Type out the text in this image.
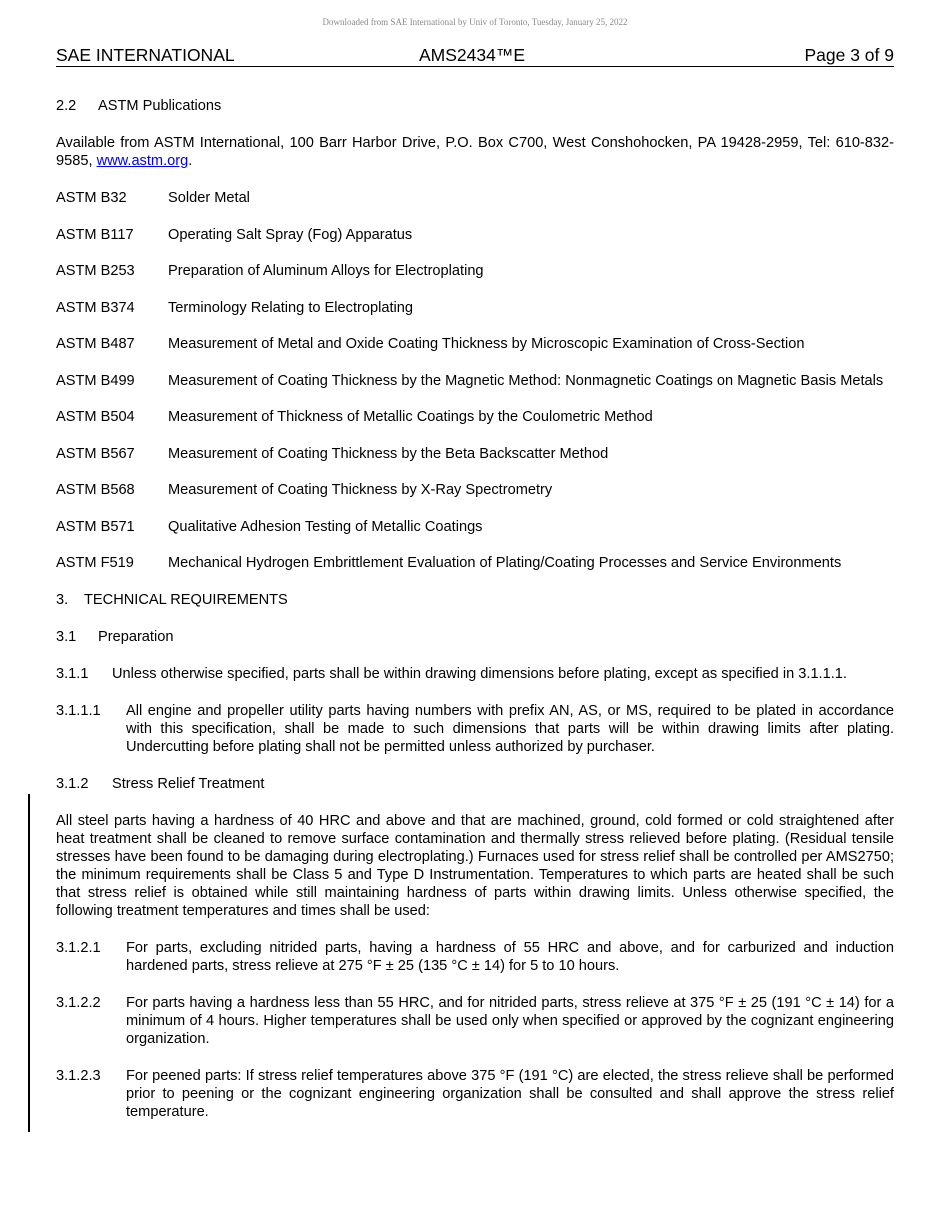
Downloaded from SAE International by Univ of Toronto, Tuesday, January 25, 2022
SAE INTERNATIONAL	AMS2434™E	Page 3 of 9
2.2	ASTM Publications

Available from ASTM International, 100 Barr Harbor Drive, P.O. Box C700, West Conshohocken, PA 19428-2959, Tel: 610-832-9585, www.astm.org.

ASTM B32	Solder Metal
ASTM B117	Operating Salt Spray (Fog) Apparatus
ASTM B253	Preparation of Aluminum Alloys for Electroplating
ASTM B374	Terminology Relating to Electroplating
ASTM B487	Measurement of Metal and Oxide Coating Thickness by Microscopic Examination of Cross-Section
ASTM B499	Measurement of Coating Thickness by the Magnetic Method: Nonmagnetic Coatings on Magnetic Basis Metals
ASTM B504	Measurement of Thickness of Metallic Coatings by the Coulometric Method
ASTM B567	Measurement of Coating Thickness by the Beta Backscatter Method
ASTM B568	Measurement of Coating Thickness by X-Ray Spectrometry
ASTM B571	Qualitative Adhesion Testing of Metallic Coatings
ASTM F519	Mechanical Hydrogen Embrittlement Evaluation of Plating/Coating Processes and Service Environments
3.	TECHNICAL REQUIREMENTS
3.1	Preparation
3.1.1	Unless otherwise specified, parts shall be within drawing dimensions before plating, except as specified in 3.1.1.1.
3.1.1.1	All engine and propeller utility parts having numbers with prefix AN, AS, or MS, required to be plated in accordance with this specification, shall be made to such dimensions that parts will be within drawing limits after plating. Undercutting before plating shall not be permitted unless authorized by purchaser.
3.1.2	Stress Relief Treatment

All steel parts having a hardness of 40 HRC and above and that are machined, ground, cold formed or cold straightened after heat treatment shall be cleaned to remove surface contamination and thermally stress relieved before plating. (Residual tensile stresses have been found to be damaging during electroplating.) Furnaces used for stress relief shall be controlled per AMS2750; the minimum requirements shall be Class 5 and Type D Instrumentation. Temperatures to which parts are heated shall be such that stress relief is obtained while still maintaining hardness of parts within drawing limits. Unless otherwise specified, the following treatment temperatures and times shall be used:

3.1.2.1	For parts, excluding nitrided parts, having a hardness of 55 HRC and above, and for carburized and induction hardened parts, stress relieve at 275 °F ± 25 (135 °C ± 14) for 5 to 10 hours.
3.1.2.2	For parts having a hardness less than 55 HRC, and for nitrided parts, stress relieve at 375 °F ± 25 (191 °C ± 14) for a minimum of 4 hours. Higher temperatures shall be used only when specified or approved by the cognizant engineering organization.
3.1.2.3	For peened parts: If stress relief temperatures above 375 °F (191 °C) are elected, the stress relieve shall be performed prior to peening or the cognizant engineering organization shall be consulted and shall approve the stress relief temperature.
